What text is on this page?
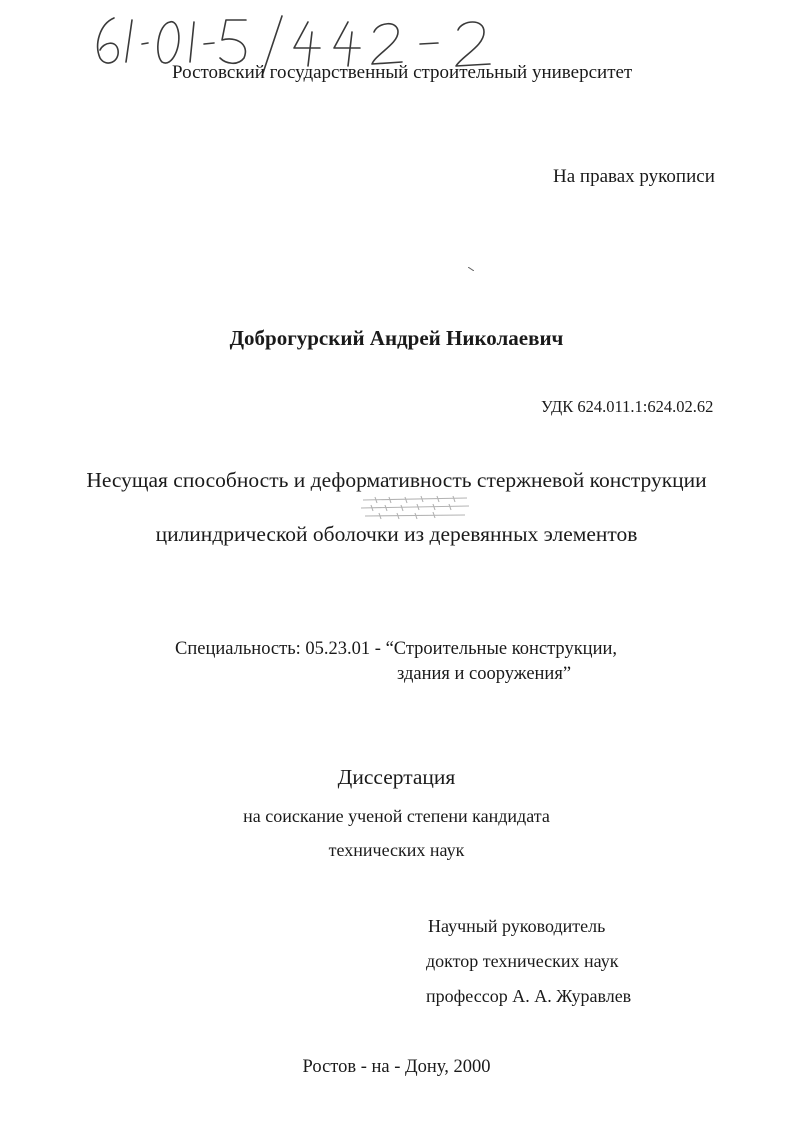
Ростовский государственный строительный университет
На правах рукописи
Доброгурский Андрей Николаевич
УДК 624.011.1:624.02.62
Несущая способность и деформативность стержневой конструкции
цилиндрической оболочки из деревянных элементов
Специальность: 05.23.01 - “Строительные конструкции,
здания и сооружения”
Диссертация
на соискание ученой степени кандидата
технических наук
Научный руководитель
доктор технических наук
профессор А. А. Журавлев
Ростов - на - Дону, 2000
